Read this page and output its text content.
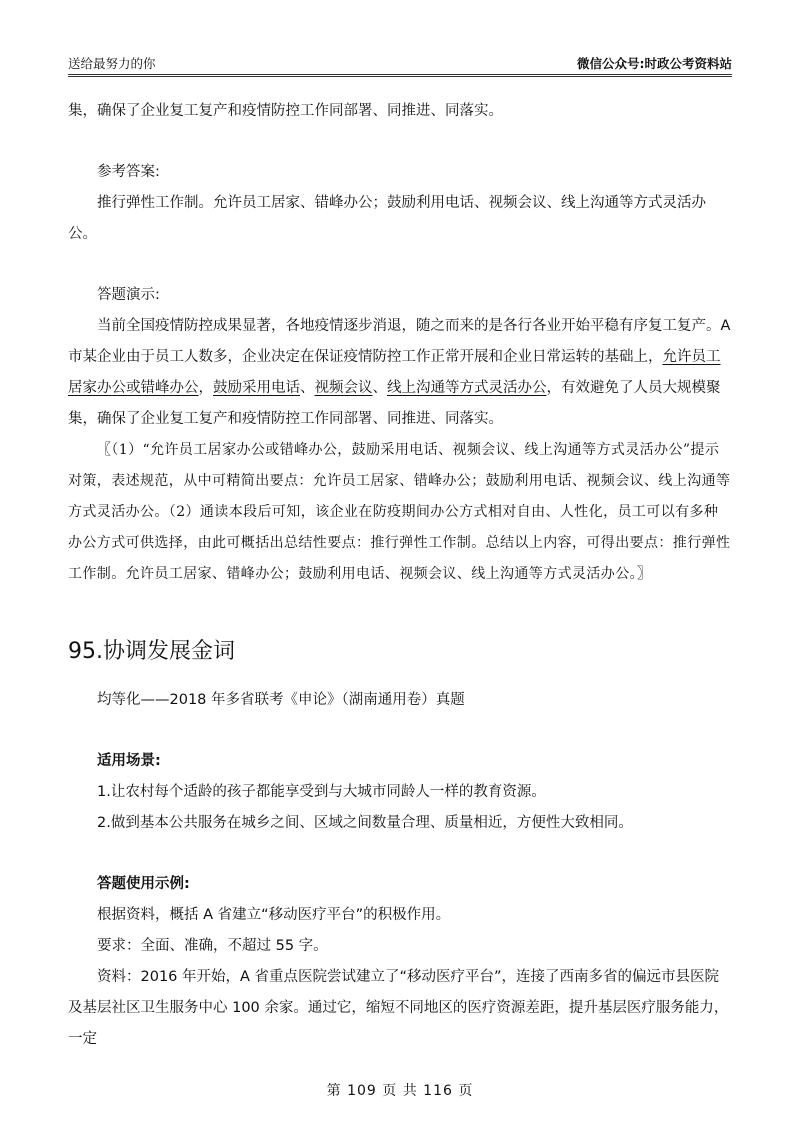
送给最努力的你	微信公众号:时政公考资料站

集，确保了企业复工复产和疫情防控工作同部署、同推进、同落实。

参考答案:

推行弹性工作制。允许员工居家、错峰办公；鼓励利用电话、视频会议、线上沟通等方式灵活办公。

答题演示:

当前全国疫情防控成果显著，各地疫情逐步消退，随之而来的是各行各业开始平稳有序复工复产。A 市某企业由于员工人数多，企业决定在保证疫情防控工作正常开展和企业日常运转的基础上，允许员工居家办公或错峰办公，鼓励采用电话、视频会议、线上沟通等方式灵活办公，有效避免了人员大规模聚集，确保了企业复工复产和疫情防控工作同部署、同推进、同落实。

〖（1）“允许员工居家办公或错峰办公，鼓励采用电话、视频会议、线上沟通等方式灵活办公”提示对策，表述规范，从中可精简出要点：允许员工居家、错峰办公；鼓励利用电话、视频会议、线上沟通等方式灵活办公。（2）通读本段后可知，该企业在防疫期间办公方式相对自由、人性化，员工可以有多种办公方式可供选择，由此可概括出总结性要点：推行弹性工作制。总结以上内容，可得出要点：推行弹性工作制。允许员工居家、错峰办公；鼓励利用电话、视频会议、线上沟通等方式灵活办公。〗

95.协调发展金词

均等化——2018 年多省联考《申论》（湖南通用卷）真题

适用场景:

1.让农村每个适龄的孩子都能享受到与大城市同龄人一样的教育资源。

2.做到基本公共服务在城乡之间、区域之间数量合理、质量相近，方便性大致相同。

答题使用示例:

根据资料，概括 A 省建立“移动医疗平台”的积极作用。

要求：全面、准确，不超过 55 字。

资料：2016 年开始，A 省重点医院尝试建立了“移动医疗平台”，连接了西南多省的偏远市县医院及基层社区卫生服务中心 100 余家。通过它，缩短不同地区的医疗资源差距，提升基层医疗服务能力，一定

第 109 页 共 116 页
